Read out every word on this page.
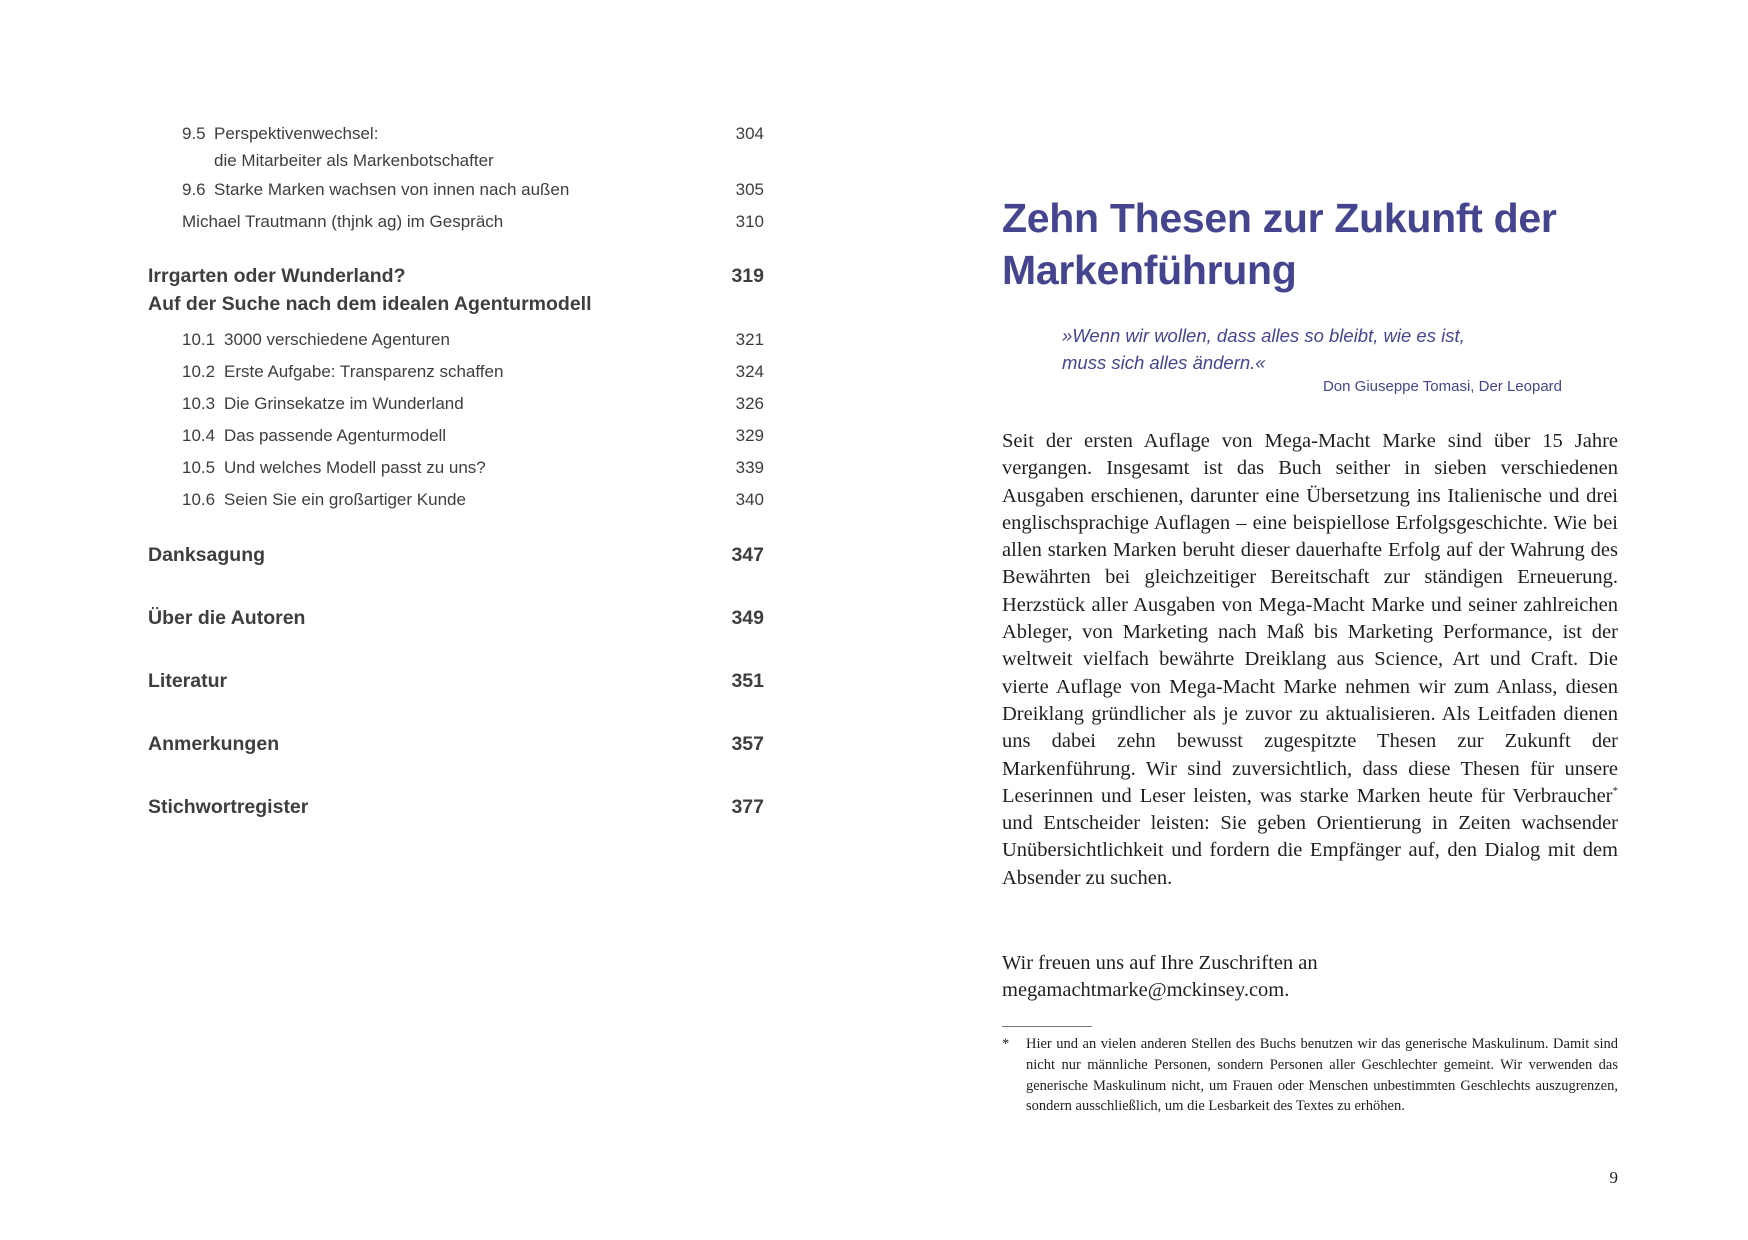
9.5 Perspektivenwechsel:
die Mitarbeiter als Markenbotschafter
304
9.6 Starke Marken wachsen von innen nach außen	305
Michael Trautmann (thjnk ag) im Gespräch	310
Irrgarten oder Wunderland?
Auf der Suche nach dem idealen Agenturmodell
319
10.1 3000 verschiedene Agenturen	321
10.2 Erste Aufgabe: Transparenz schaffen	324
10.3 Die Grinsekatze im Wunderland	326
10.4 Das passende Agenturmodell	329
10.5 Und welches Modell passt zu uns?	339
10.6 Seien Sie ein großartiger Kunde	340
Danksagung	347
Über die Autoren	349
Literatur	351
Anmerkungen	357
Stichwortregister	377
Zehn Thesen zur Zukunft der
Markenführung
»Wenn wir wollen, dass alles so bleibt, wie es ist,
muss sich alles ändern.«
Don Giuseppe Tomasi, Der Leopard

Seit der ersten Auflage von Mega-Macht Marke sind über 15 Jahre vergangen. Insgesamt ist das Buch seither in sieben verschiedenen Ausgaben erschienen, darunter eine Übersetzung ins Italienische und drei englischsprachige Auflagen – eine beispiellose Erfolgsgeschichte. Wie bei allen starken Marken beruht dieser dauerhafte Erfolg auf der Wahrung des Bewährten bei gleichzeitiger Bereitschaft zur ständigen Erneuerung. Herzstück aller Ausgaben von Mega-Macht Marke und seiner zahlreichen Ableger, von Marketing nach Maß bis Marketing Performance, ist der weltweit vielfach bewährte Dreiklang aus Science, Art und Craft. Die vierte Auflage von Mega-Macht Marke nehmen wir zum Anlass, diesen Dreiklang gründlicher als je zuvor zu aktualisieren. Als Leitfaden dienen uns dabei zehn bewusst zugespitzte Thesen zur Zukunft der Markenführung. Wir sind zuversichtlich, dass diese Thesen für unsere Leserinnen und Leser leisten, was starke Marken heute für Verbraucher* und Entscheider leisten: Sie geben Orientierung in Zeiten wachsender Unübersichtlichkeit und fordern die Empfänger auf, den Dialog mit dem Absender zu suchen.

Wir freuen uns auf Ihre Zuschriften an
megamachtmarke@mckinsey.com.

*	Hier und an vielen anderen Stellen des Buchs benutzen wir das generische Maskulinum. Damit sind nicht nur männliche Personen, sondern Personen aller Geschlechter gemeint. Wir verwenden das generische Maskulinum nicht, um Frauen oder Menschen unbestimmten Geschlechts auszugrenzen, sondern ausschließlich, um die Lesbarkeit des Textes zu erhöhen.
9
